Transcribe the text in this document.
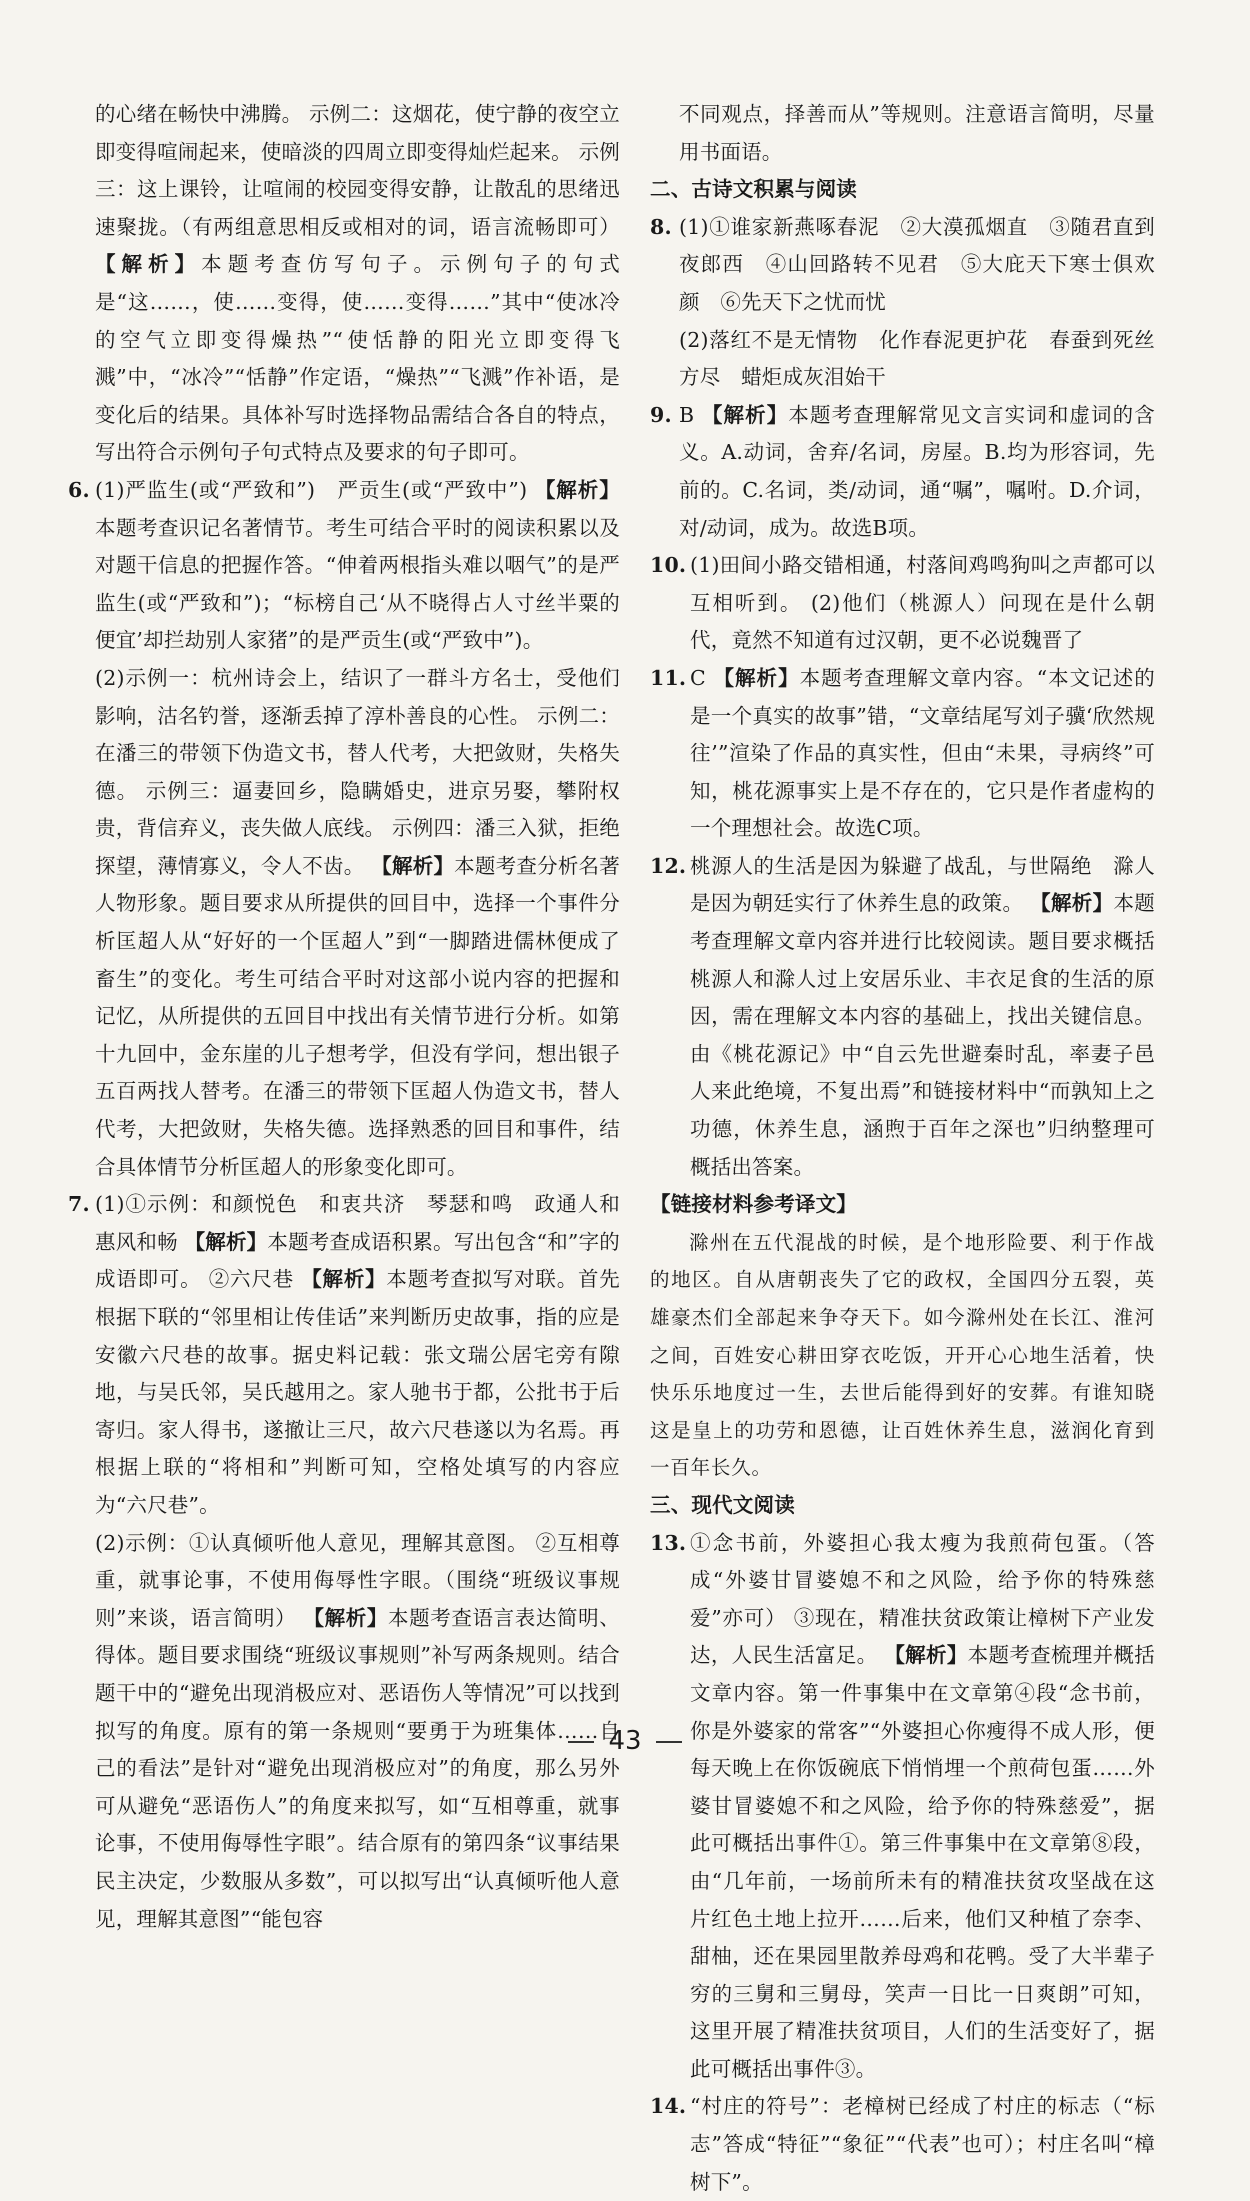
的心绪在畅快中沸腾。 示例二：这烟花，使宁静的夜空立即变得喧闹起来，使暗淡的四周立即变得灿烂起来。 示例三：这上课铃，让喧闹的校园变得安静，让散乱的思绪迅速聚拢。（有两组意思相反或相对的词，语言流畅即可）【解析】本题考查仿写句子。示例句子的句式是“这……，使……变得，使……变得……”其中“使冰冷的空气立即变得燥热”“使恬静的阳光立即变得飞溅”中，“冰冷”“恬静”作定语，“燥热”“飞溅”作补语，是变化后的结果。具体补写时选择物品需结合各自的特点，写出符合示例句子句式特点及要求的句子即可。

6. (1)严监生(或“严致和”)　严贡生(或“严致中”) 【解析】本题考查识记名著情节。考生可结合平时的阅读积累以及对题干信息的把握作答。“伸着两根指头难以咽气”的是严监生(或“严致和”)；“标榜自己‘从不晓得占人寸丝半粟的便宜’却拦劫别人家猪”的是严贡生(或“严致中”)。

(2)示例一：杭州诗会上，结识了一群斗方名士，受他们影响，沽名钓誉，逐渐丢掉了淳朴善良的心性。 示例二：在潘三的带领下伪造文书，替人代考，大把敛财，失格失德。 示例三：逼妻回乡，隐瞒婚史，进京另娶，攀附权贵，背信弃义，丧失做人底线。 示例四：潘三入狱，拒绝探望，薄情寡义，令人不齿。 【解析】本题考查分析名著人物形象。题目要求从所提供的回目中，选择一个事件分析匡超人从“好好的一个匡超人”到“一脚踏进儒林便成了畜生”的变化。考生可结合平时对这部小说内容的把握和记忆，从所提供的五回目中找出有关情节进行分析。如第十九回中，金东崖的儿子想考学，但没有学问，想出银子五百两找人替考。在潘三的带领下匡超人伪造文书，替人代考，大把敛财，失格失德。选择熟悉的回目和事件，结合具体情节分析匡超人的形象变化即可。

7. (1)①示例：和颜悦色　和衷共济　琴瑟和鸣　政通人和　惠风和畅 【解析】本题考查成语积累。写出包含“和”字的成语即可。 ②六尺巷 【解析】本题考查拟写对联。首先根据下联的“邻里相让传佳话”来判断历史故事，指的应是安徽六尺巷的故事。据史料记载：张文瑞公居宅旁有隙地，与吴氏邻，吴氏越用之。家人驰书于都，公批书于后寄归。家人得书，遂撤让三尺，故六尺巷遂以为名焉。再根据上联的“将相和”判断可知，空格处填写的内容应为“六尺巷”。

(2)示例：①认真倾听他人意见，理解其意图。 ②互相尊重，就事论事，不使用侮辱性字眼。（围绕“班级议事规则”来谈，语言简明） 【解析】本题考查语言表达简明、得体。题目要求围绕“班级议事规则”补写两条规则。结合题干中的“避免出现消极应对、恶语伤人等情况”可以找到拟写的角度。原有的第一条规则“要勇于为班集体……自己的看法”是针对“避免出现消极应对”的角度，那么另外可从避免“恶语伤人”的角度来拟写，如“互相尊重，就事论事，不使用侮辱性字眼”。结合原有的第四条“议事结果民主决定，少数服从多数”，可以拟写出“认真倾听他人意见，理解其意图”“能包容

不同观点，择善而从”等规则。注意语言简明，尽量用书面语。

二、古诗文积累与阅读

8. (1)①谁家新燕啄春泥　②大漠孤烟直　③随君直到夜郎西　④山回路转不见君　⑤大庇天下寒士俱欢颜　⑥先天下之忧而忧

(2)落红不是无情物　化作春泥更护花　春蚕到死丝方尽　蜡炬成灰泪始干

9. B 【解析】本题考查理解常见文言实词和虚词的含义。A.动词，舍弃/名词，房屋。B.均为形容词，先前的。C.名词，类/动词，通“嘱”，嘱咐。D.介词，对/动词，成为。故选B项。

10. (1)田间小路交错相通，村落间鸡鸣狗叫之声都可以互相听到。 (2)他们（桃源人）问现在是什么朝代，竟然不知道有过汉朝，更不必说魏晋了

11. C 【解析】本题考查理解文章内容。“本文记述的是一个真实的故事”错，“文章结尾写刘子骥‘欣然规往’”渲染了作品的真实性，但由“未果，寻病终”可知，桃花源事实上是不存在的，它只是作者虚构的一个理想社会。故选C项。

12. 桃源人的生活是因为躲避了战乱，与世隔绝　滁人是因为朝廷实行了休养生息的政策。 【解析】本题考查理解文章内容并进行比较阅读。题目要求概括桃源人和滁人过上安居乐业、丰衣足食的生活的原因，需在理解文本内容的基础上，找出关键信息。由《桃花源记》中“自云先世避秦时乱，率妻子邑人来此绝境，不复出焉”和链接材料中“而孰知上之功德，休养生息，涵煦于百年之深也”归纳整理可概括出答案。

【链接材料参考译文】

滁州在五代混战的时候，是个地形险要、利于作战的地区。自从唐朝丧失了它的政权，全国四分五裂，英雄豪杰们全部起来争夺天下。如今滁州处在长江、淮河之间，百姓安心耕田穿衣吃饭，开开心心地生活着，快快乐乐地度过一生，去世后能得到好的安葬。有谁知晓这是皇上的功劳和恩德，让百姓休养生息，滋润化育到一百年长久。

三、现代文阅读

13. ①念书前，外婆担心我太瘦为我煎荷包蛋。（答成“外婆甘冒婆媳不和之风险，给予你的特殊慈爱”亦可） ③现在，精准扶贫政策让樟树下产业发达，人民生活富足。 【解析】本题考查梳理并概括文章内容。第一件事集中在文章第④段“念书前，你是外婆家的常客”“外婆担心你瘦得不成人形，便每天晚上在你饭碗底下悄悄埋一个煎荷包蛋……外婆甘冒婆媳不和之风险，给予你的特殊慈爱”，据此可概括出事件①。第三件事集中在文章第⑧段，由“几年前，一场前所未有的精准扶贫攻坚战在这片红色土地上拉开……后来，他们又种植了奈李、甜柚，还在果园里散养母鸡和花鸭。受了大半辈子穷的三舅和三舅母，笑声一日比一日爽朗”可知，这里开展了精准扶贫项目，人们的生活变好了，据此可概括出事件③。

14. “村庄的符号”：老樟树已经成了村庄的标志（“标志”答成“特征”“象征”“代表”也可）；村庄名叫“樟树下”。

43
